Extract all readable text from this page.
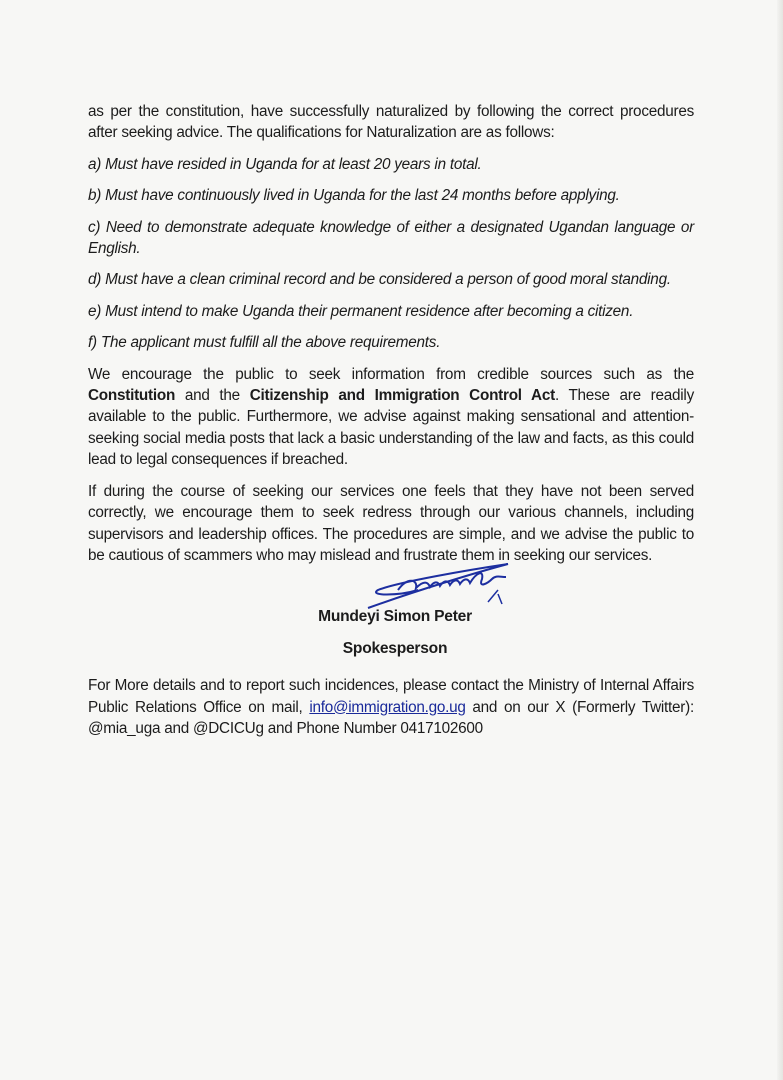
as per the constitution, have successfully naturalized by following the correct procedures after seeking advice. The qualifications for Naturalization are as follows:

a) Must have resided in Uganda for at least 20 years in total.

b) Must have continuously lived in Uganda for the last 24 months before applying.

c) Need to demonstrate adequate knowledge of either a designated Ugandan language or English.

d) Must have a clean criminal record and be considered a person of good moral standing.

e) Must intend to make Uganda their permanent residence after becoming a citizen.

f) The applicant must fulfill all the above requirements.

We encourage the public to seek information from credible sources such as the Constitution and the Citizenship and Immigration Control Act. These are readily available to the public. Furthermore, we advise against making sensational and attention-seeking social media posts that lack a basic understanding of the law and facts, as this could lead to legal consequences if breached.

If during the course of seeking our services one feels that they have not been served correctly, we encourage them to seek redress through our various channels, including supervisors and leadership offices. The procedures are simple, and we advise the public to be cautious of scammers who may mislead and frustrate them in seeking our services.

Mundeyi Simon Peter

Spokesperson

For More details and to report such incidences, please contact the Ministry of Internal Affairs Public Relations Office on mail, info@immigration.go.ug and on our X (Formerly Twitter): @mia_uga and @DCICUg and Phone Number 0417102600
